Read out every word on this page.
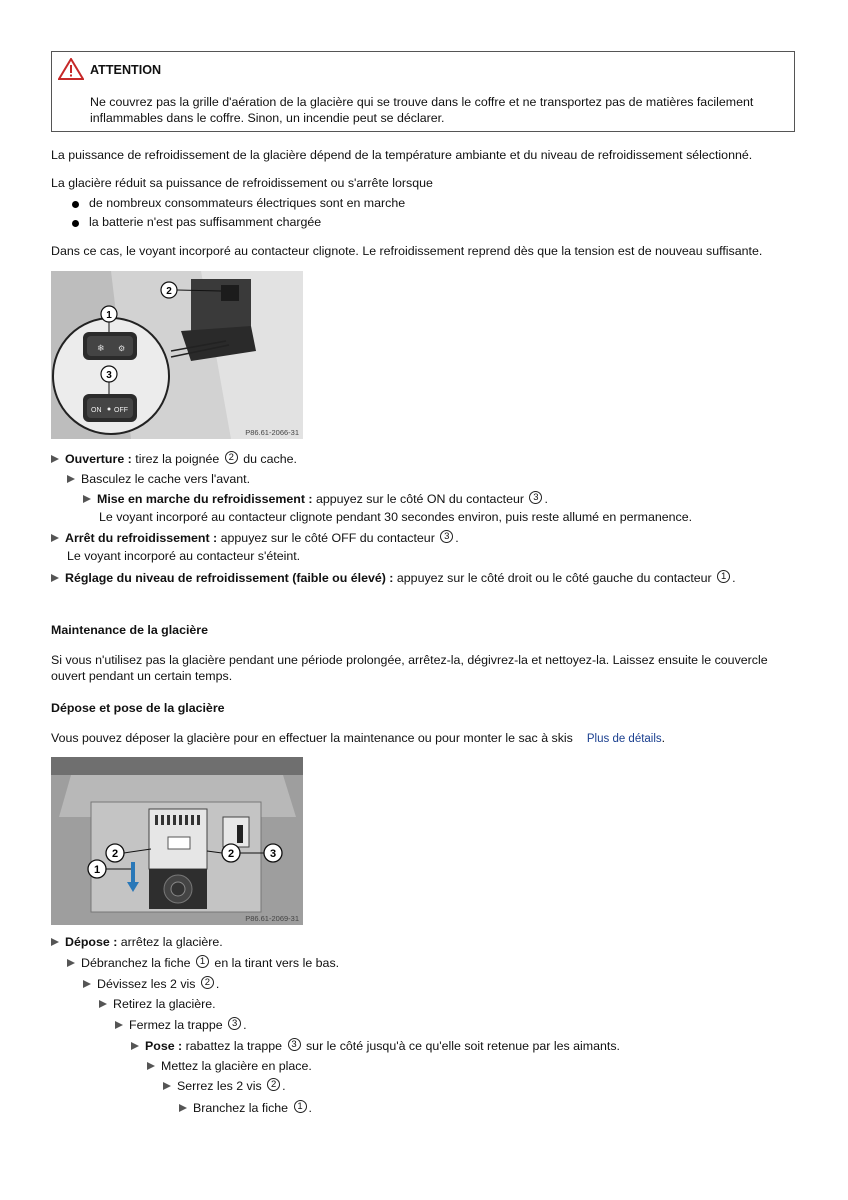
ATTENTION
Ne couvrez pas la grille d'aération de la glacière qui se trouve dans le coffre et ne transportez pas de matières facilement inflammables dans le coffre. Sinon, un incendie peut se déclarer.
La puissance de refroidissement de la glacière dépend de la température ambiante et du niveau de refroidissement sélectionné.
La glacière réduit sa puissance de refroidissement ou s'arrête lorsque
de nombreux consommateurs électriques sont en marche
la batterie n'est pas suffisamment chargée
Dans ce cas, le voyant incorporé au contacteur clignote. Le refroidissement reprend dès que la tension est de nouveau suffisante.
❄ ⚙
ON OFF
1
3
2
P86.61-2066-31
Ouverture : tirez la poignée 2 du cache.
Basculez le cache vers l'avant.
Mise en marche du refroidissement : appuyez sur le côté ON du contacteur 3 .
Le voyant incorporé au contacteur clignote pendant 30 secondes environ, puis reste allumé en permanence.
Arrêt du refroidissement : appuyez sur le côté OFF du contacteur 3 .
Le voyant incorporé au contacteur s'éteint.
Réglage du niveau de refroidissement (faible ou élevé) : appuyez sur le côté droit ou le côté gauche du contacteur 1 .
Maintenance de la glacière
Si vous n'utilisez pas la glacière pendant une période prolongée, arrêtez-la, dégivrez-la et nettoyez-la. Laissez ensuite le couvercle ouvert pendant un certain temps.
Dépose et pose de la glacière
Vous pouvez déposer la glacière pour en effectuer la maintenance ou pour monter le sac à skis Plus de détails.
2
1
2	3
P86.61-2069-31
Dépose : arrêtez la glacière.
Débranchez la fiche 1 en la tirant vers le bas.
Dévissez les 2 vis 2 .
Retirez la glacière.
Fermez la trappe 3 .
Pose : rabattez la trappe 3 sur le côté jusqu'à ce qu'elle soit retenue par les aimants.
Mettez la glacière en place.
Serrez les 2 vis 2 .
Branchez la fiche 1 .
